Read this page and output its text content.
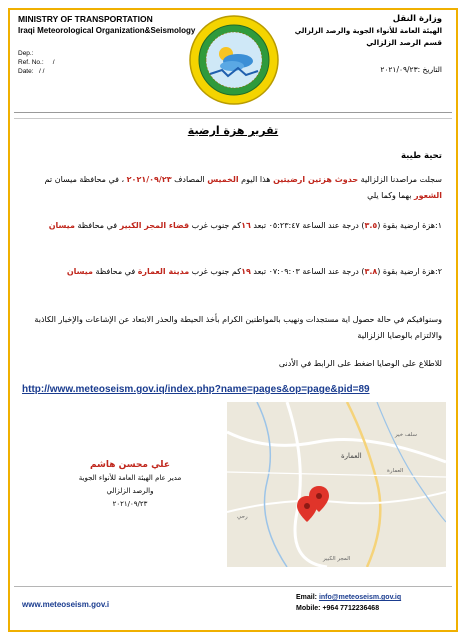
MINISTRY OF TRANSPORTATION
Iraqi Meteorological Organization&Seismology
Dep.:
Ref. No.: /
Date: / /
وزارة النقل
الهيئة العامة للأنواء الجوية والرصد الزلزالي
قسم الرصد الزلزالي
التاريخ :٢٠٢١/٠٩/٢٣
تقرير هزة ارضية
تحية طيبة
سجلت مراصدنا الزلزالية حدوث هزتين ارضيتين هذا اليوم الخميس المصادف ٢٠٢١/٠٩/٢٣ ، في محافظة ميسان تم الشعور بهما وكما يلي
١:هزة ارضية بقوة (٣.٥) درجة عند الساعة ٠٥:٢٣:٤٧ تبعد ١٦كم جنوب غرب قضاء المجر الكبير في محافظة ميسان
٢:هزة ارضية بقوة (٣.٨) درجة عند الساعة ٠٧:٠٩:٠٣ تبعد ١٩كم جنوب غرب مدينة العمارة في محافظة ميسان
وسنوافيكم في حالة حصول اية مستجدات ونهيب بالمواطنين الكرام بأخذ الحيطة والحذر الابتعاد عن الإشاعات والإخبار الكاذبة والالتزام بالوصايا الزلزالية
للاطلاع على الوصايا اضغط على الرابط في الأدنى
http://www.meteoseism.gov.iq/index.php?name=pages&op=page&pid=89
علي محسن هاشم
مدير عام الهيئة العامة للأنواء الجوية
والرصد الزلزالي
٢٠٢١/٠٩/٢٣
العمارة
سلف خير
العمارة
رحي
المجر الكبير
www.meteoseism.gov.i
Email: info@meteoseism.gov.iq
Mobile: +964 7712236468
